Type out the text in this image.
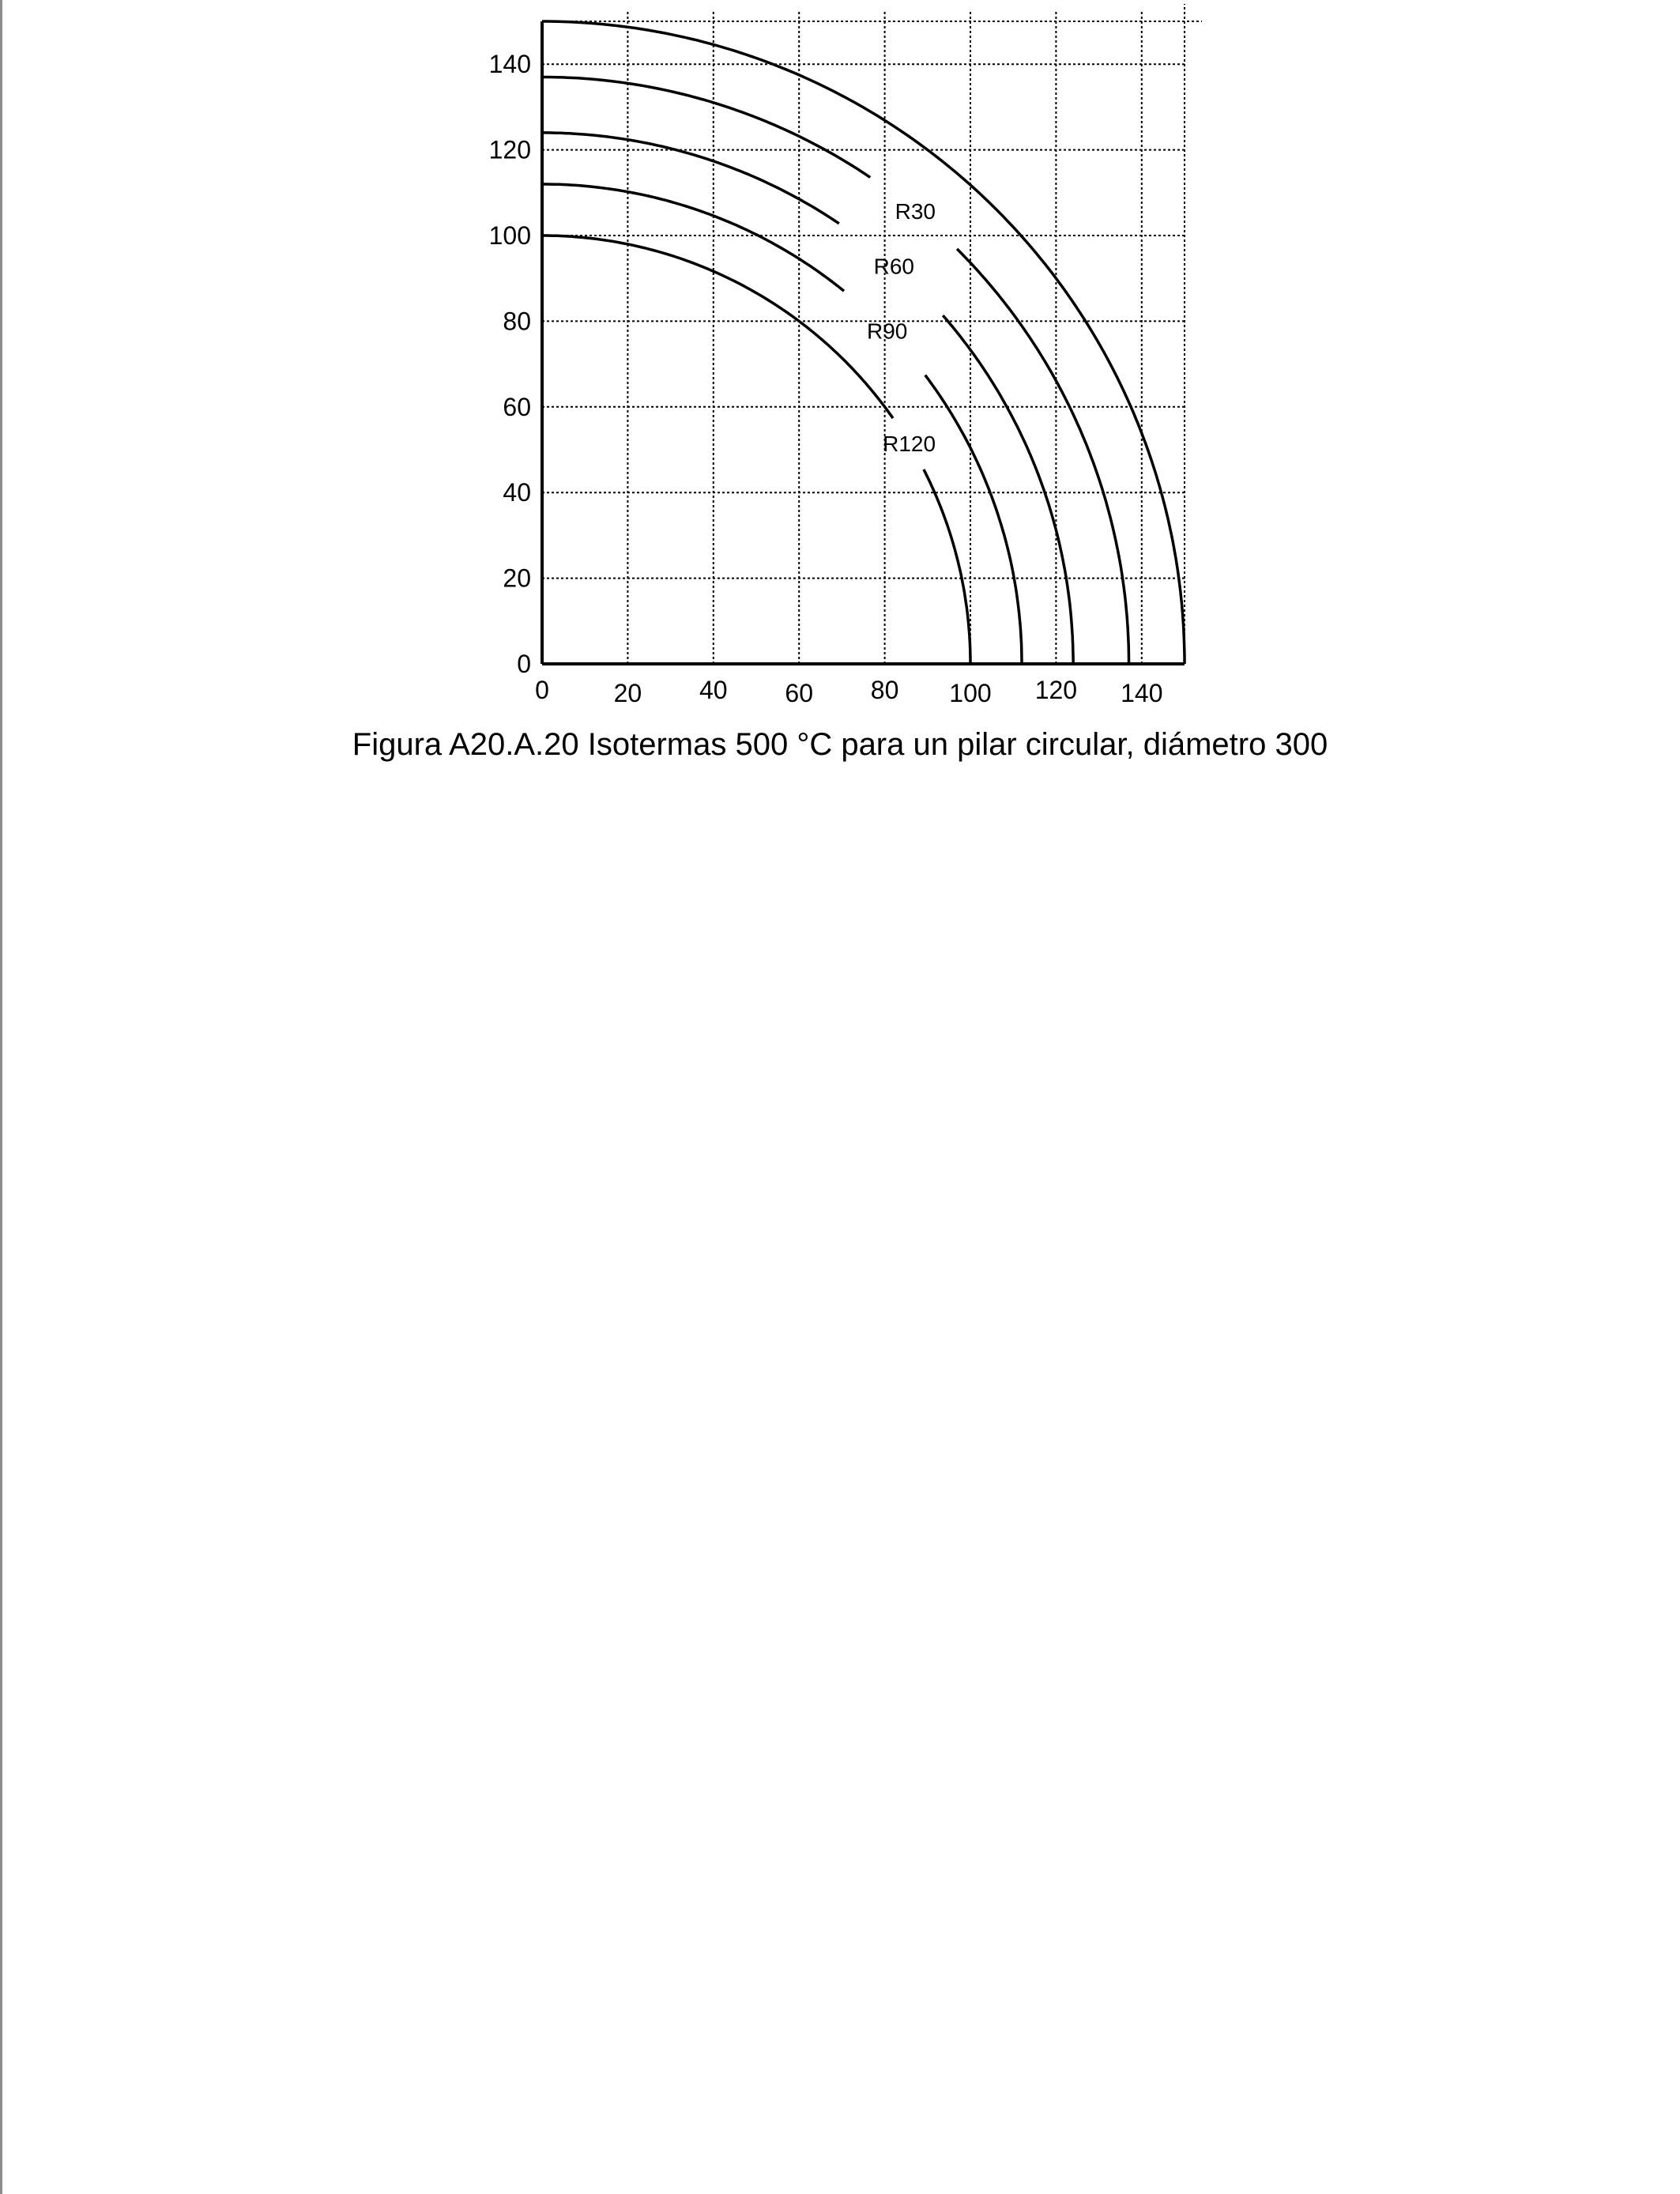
0	20 40 60 80 100 120 140
0
20
40
60
80
100
120
140
R120
R90
R60
R30
Figura A20.A.20 Isotermas 500 °C para un pilar circular, diámetro 300
